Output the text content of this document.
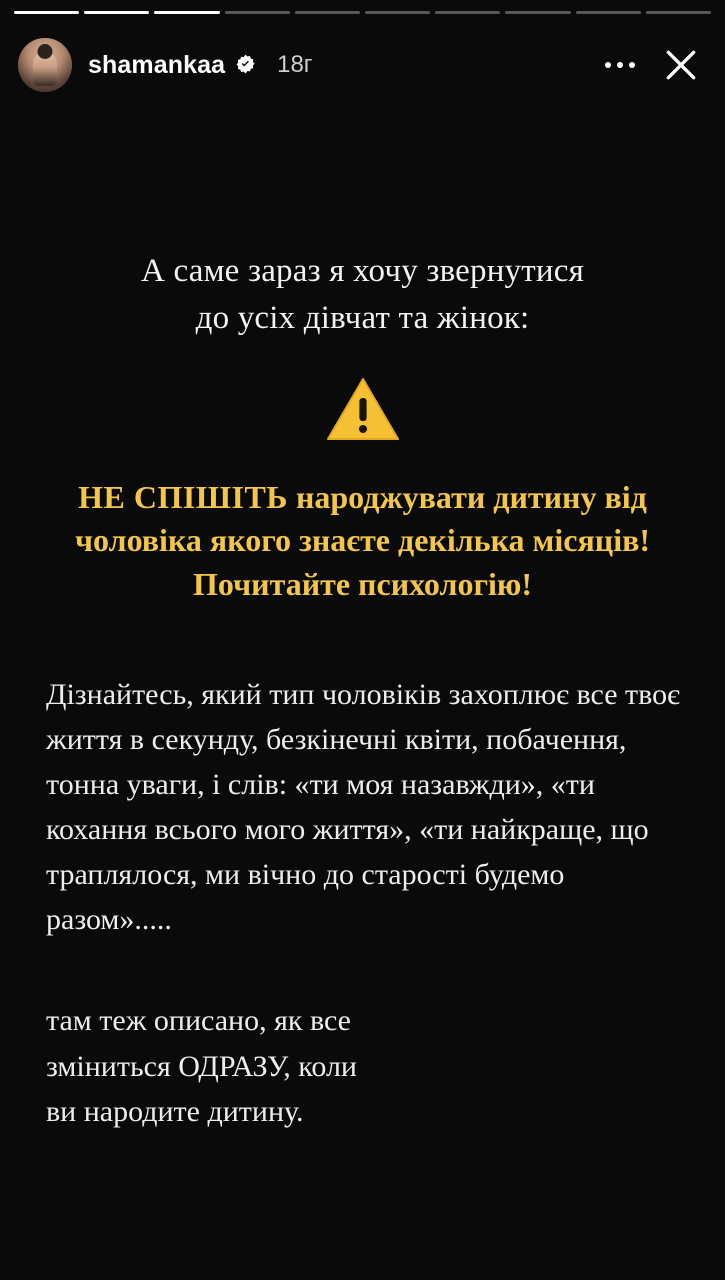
shamankaa 18г
А саме зараз я хочу звернутися
до усіх дівчат та жінок:
НЕ СПІШІТЬ народжувати дитину від
чоловіка якого знаєте декілька місяців!
Почитайте психологію!
Дізнайтесь, який тип чоловіків захоплює все твоє життя в секунду, безкінечні квіти, побачення, тонна уваги, і слів: «ти моя назавжди», «ти кохання всього мого життя», «ти найкраще, що траплялося, ми вічно до старості будемо разом».....
там теж описано, як все
зміниться ОДРАЗУ, коли
ви народите дитину.
